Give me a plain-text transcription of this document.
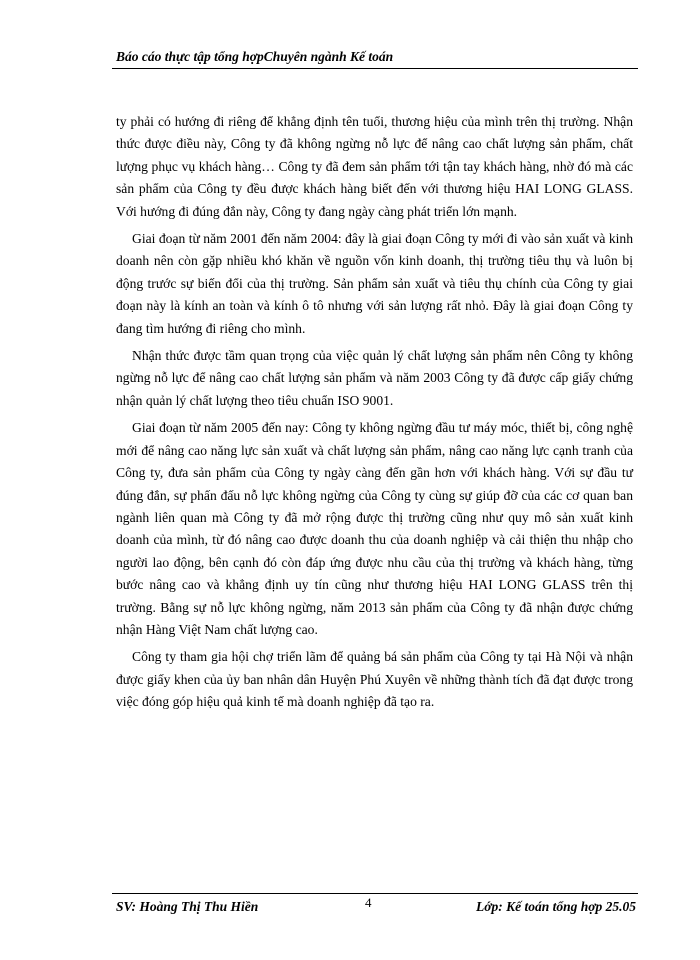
Báo cáo thực tập tổng hợpChuyên ngành Kế toán

ty phải có hướng đi riêng để khẳng định tên tuổi, thương hiệu của mình trên thị trường. Nhận thức được điều này, Công ty đã không ngừng nỗ lực để nâng cao chất lượng sản phẩm, chất lượng phục vụ khách hàng… Công ty đã đem sản phẩm tới tận tay khách hàng, nhờ đó mà các sản phẩm của Công ty đều được khách hàng biết đến với thương hiệu HAI LONG GLASS. Với hướng đi đúng đắn này, Công ty đang ngày càng phát triển lớn mạnh.

Giai đoạn từ năm 2001 đến năm 2004: đây là giai đoạn Công ty mới đi vào sản xuất và kinh doanh nên còn gặp nhiều khó khăn về nguồn vốn kinh doanh, thị trường tiêu thụ và luôn bị động trước sự biến đổi của thị trường. Sản phẩm sản xuất và tiêu thụ chính của Công ty giai đoạn này là kính an toàn và kính ô tô nhưng với sản lượng rất nhỏ. Đây là giai đoạn Công ty đang tìm hướng đi riêng cho mình.

Nhận thức được tầm quan trọng của việc quản lý chất lượng sản phẩm nên Công ty không ngừng nỗ lực để nâng cao chất lượng sản phẩm và năm 2003 Công ty đã được cấp giấy chứng nhận quản lý chất lượng theo tiêu chuẩn ISO 9001.

Giai đoạn từ năm 2005 đến nay: Công ty không ngừng đầu tư máy móc, thiết bị, công nghệ mới để nâng cao năng lực sản xuất và chất lượng sản phẩm, nâng cao năng lực cạnh tranh của Công ty, đưa sản phẩm của Công ty ngày càng đến gần hơn với khách hàng. Với sự đầu tư đúng đắn, sự phấn đấu nỗ lực không ngừng của Công ty cùng sự giúp đỡ của các cơ quan ban ngành liên quan mà Công ty đã mở rộng được thị trường cũng như quy mô sản xuất kinh doanh của mình, từ đó nâng cao được doanh thu của doanh nghiệp và cải thiện thu nhập cho người lao động, bên cạnh đó còn đáp ứng được nhu cầu của thị trường và khách hàng, từng bước nâng cao và khẳng định uy tín cũng như thương hiệu HAI LONG GLASS trên thị trường. Bằng sự nỗ lực không ngừng, năm 2013 sản phẩm của Công ty đã nhận được chứng nhận Hàng Việt Nam chất lượng cao.

Công ty tham gia hội chợ triển lãm để quảng bá sản phẩm của Công ty tại Hà Nội và nhận được giấy khen của ủy ban nhân dân Huyện Phú Xuyên về những thành tích đã đạt được trong việc đóng góp hiệu quả kinh tế mà doanh nghiệp đã tạo ra.

SV: Hoàng Thị Thu Hiền	4	Lớp: Kế toán tổng hợp 25.05
